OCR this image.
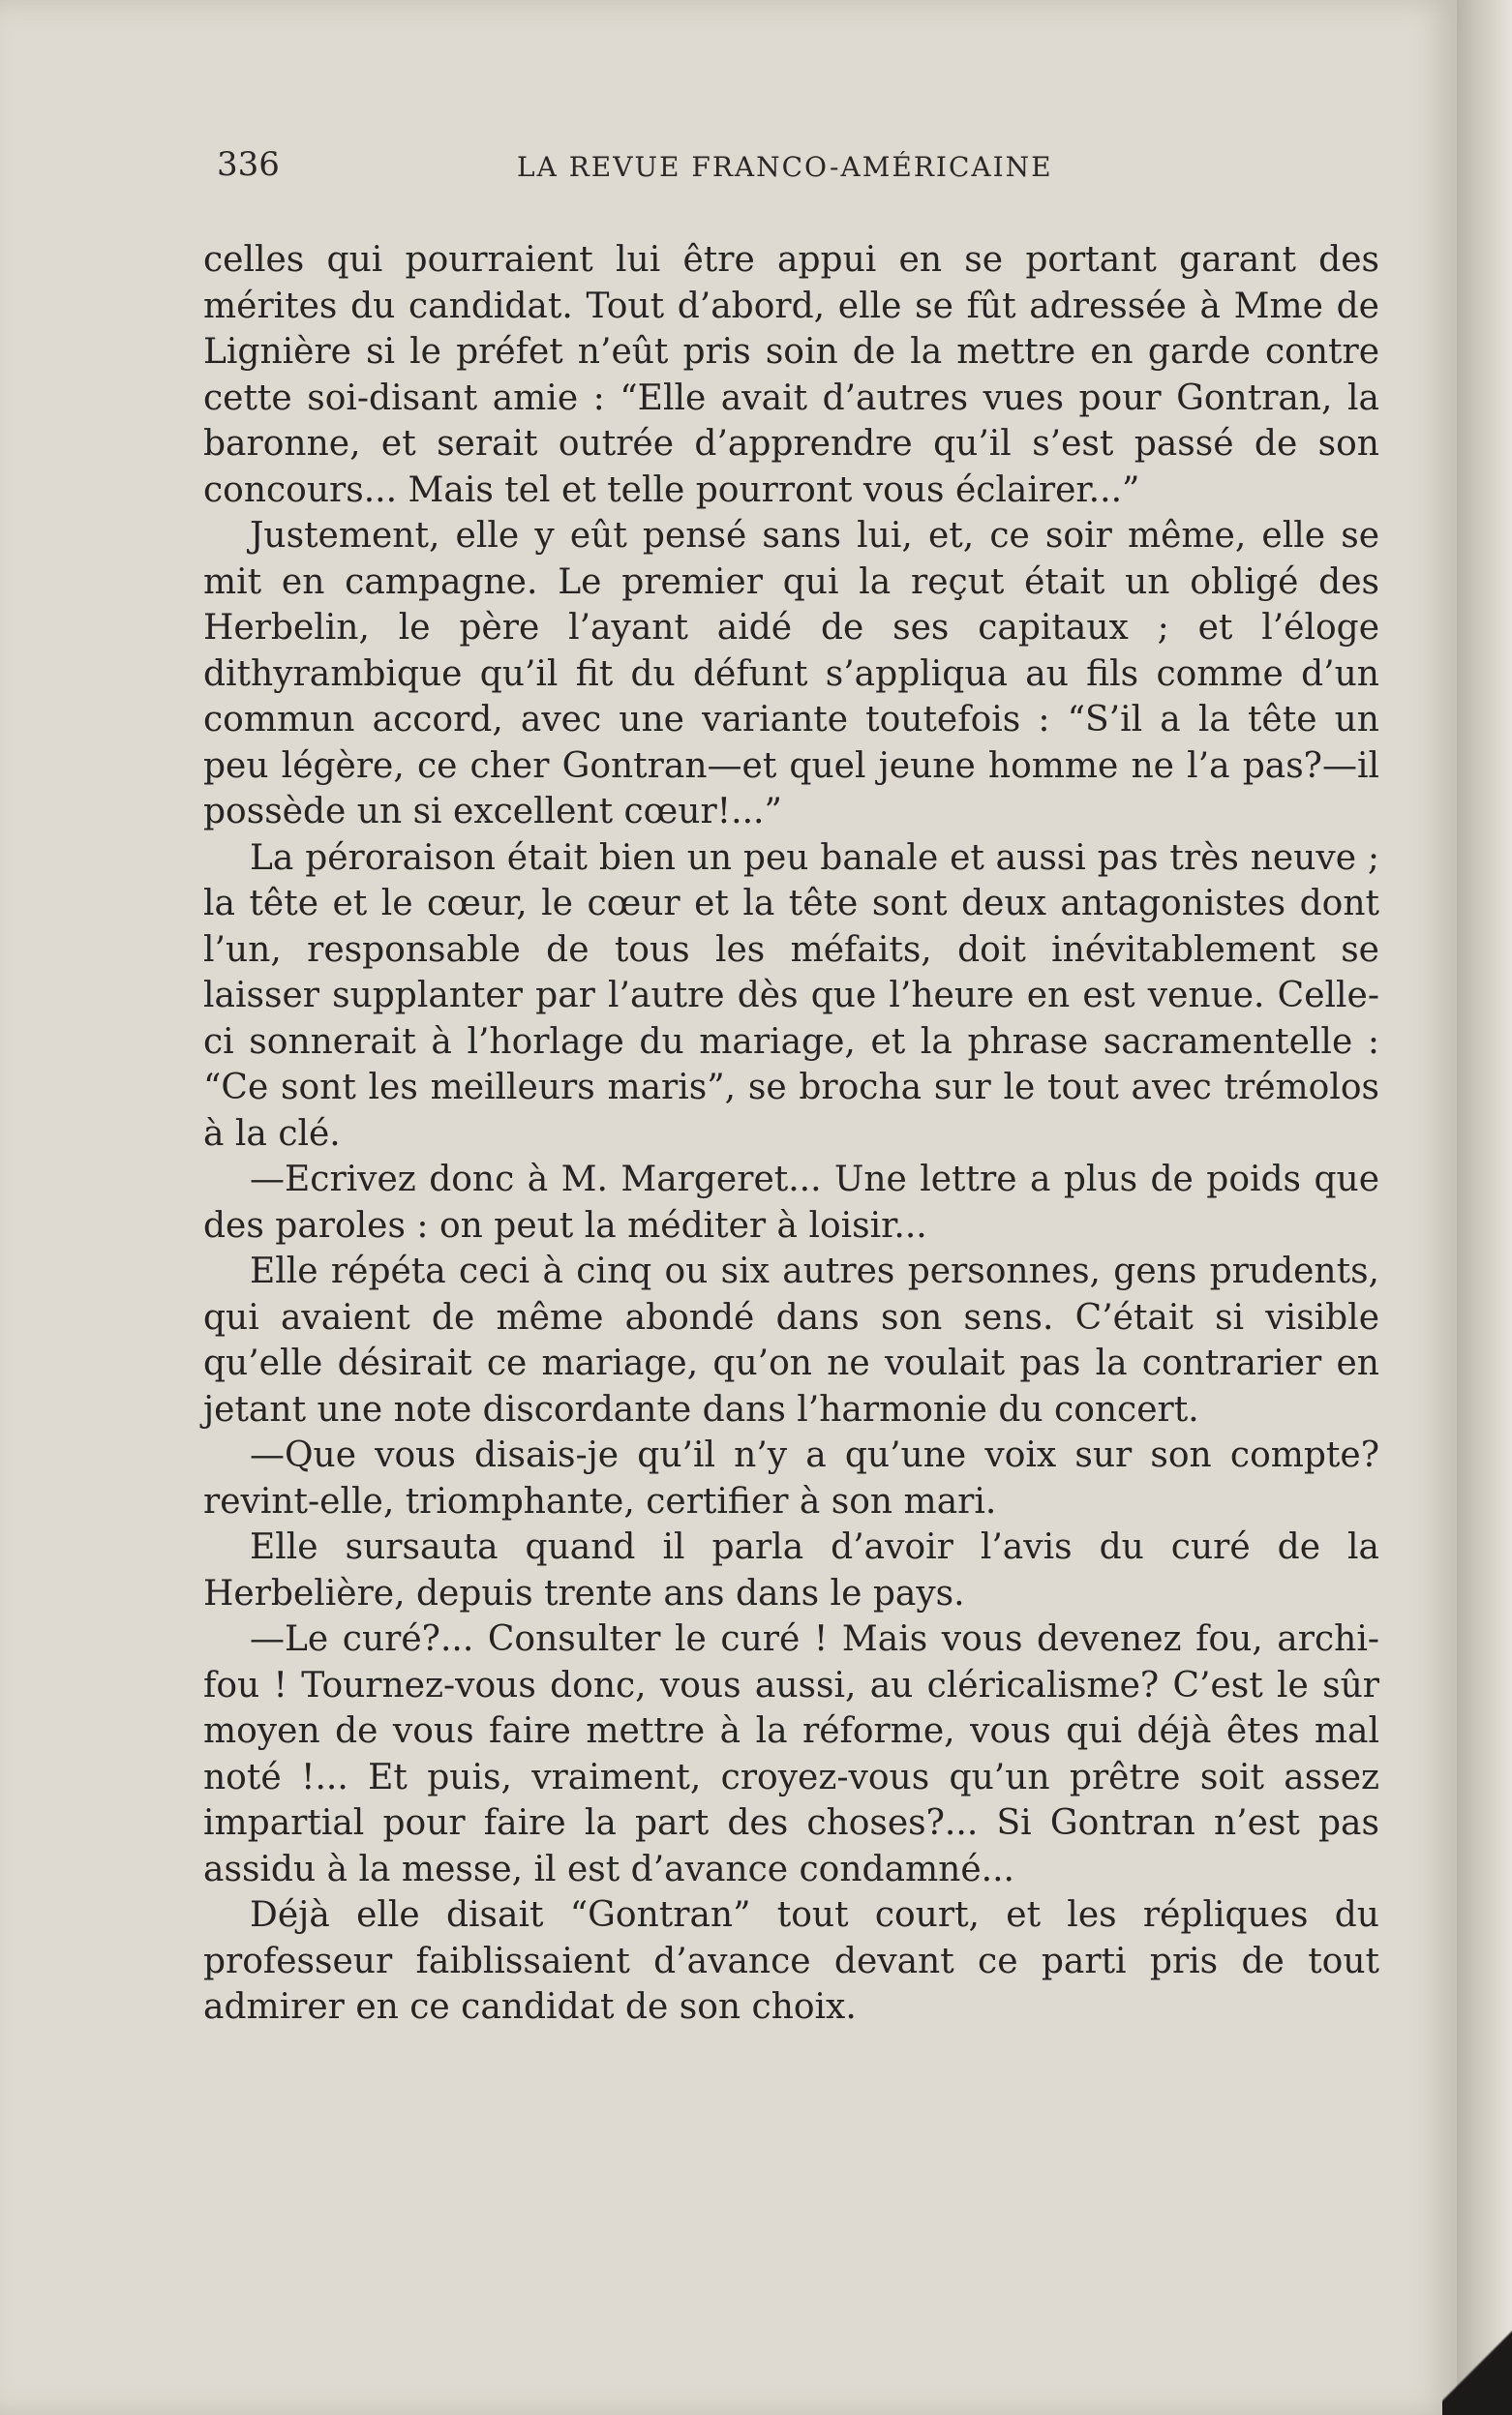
336	LA REVUE FRANCO-AMÉRICAINE

celles qui pourraient lui être appui en se portant garant des mérites du candidat. Tout d’abord, elle se fût adressée à Mme de Lignière si le préfet n’eût pris soin de la mettre en garde contre cette soi-disant amie : “Elle avait d’autres vues pour Gontran, la baronne, et serait outrée d’apprendre qu’il s’est passé de son concours... Mais tel et telle pourront vous éclairer...”

Justement, elle y eût pensé sans lui, et, ce soir même, elle se mit en campagne. Le premier qui la reçut était un obligé des Herbelin, le père l’ayant aidé de ses capitaux ; et l’éloge dithyrambique qu’il fit du défunt s’appliqua au fils comme d’un commun accord, avec une variante toutefois : “S’il a la tête un peu légère, ce cher Gontran—et quel jeune homme ne l’a pas?—il possède un si excellent cœur!...”

La péroraison était bien un peu banale et aussi pas très neuve ; la tête et le cœur, le cœur et la tête sont deux antagonistes dont l’un, responsable de tous les méfaits, doit inévitablement se laisser supplanter par l’autre dès que l’heure en est venue. Celle-ci sonnerait à l’horlage du mariage, et la phrase sacramentelle : “Ce sont les meilleurs maris”, se brocha sur le tout avec trémolos à la clé.

—Ecrivez donc à M. Margeret... Une lettre a plus de poids que des paroles : on peut la méditer à loisir...

Elle répéta ceci à cinq ou six autres personnes, gens prudents, qui avaient de même abondé dans son sens. C’était si visible qu’elle désirait ce mariage, qu’on ne voulait pas la contrarier en jetant une note discordante dans l’harmonie du concert.

—Que vous disais-je qu’il n’y a qu’une voix sur son compte? revint-elle, triomphante, certifier à son mari.

Elle sursauta quand il parla d’avoir l’avis du curé de la Herbelière, depuis trente ans dans le pays.

—Le curé?... Consulter le curé ! Mais vous devenez fou, archi-fou ! Tournez-vous donc, vous aussi, au cléricalisme? C’est le sûr moyen de vous faire mettre à la réforme, vous qui déjà êtes mal noté !... Et puis, vraiment, croyez-vous qu’un prêtre soit assez impartial pour faire la part des choses?... Si Gontran n’est pas assidu à la messe, il est d’avance condamné...

Déjà elle disait “Gontran” tout court, et les répliques du professeur faiblissaient d’avance devant ce parti pris de tout admirer en ce candidat de son choix.
